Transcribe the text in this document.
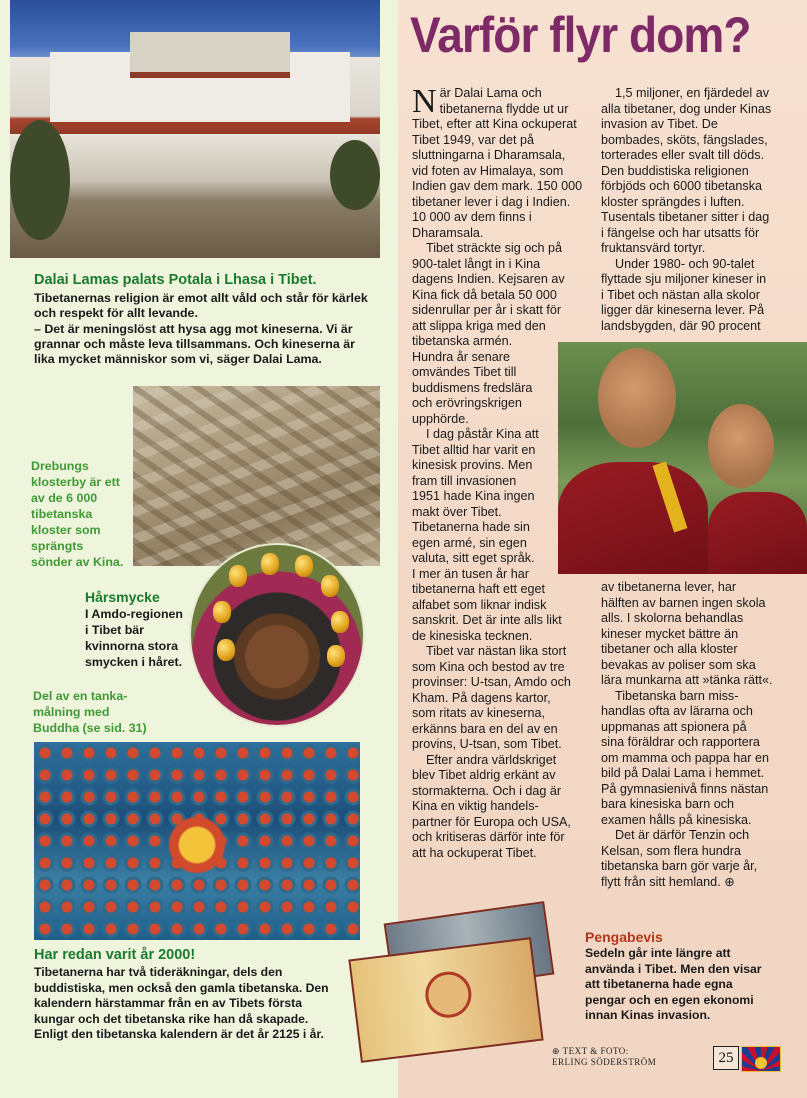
Varför flyr dom?
Dalai Lamas palats Potala i Lhasa i Tibet.
Tibetanernas religion är emot allt våld och står för kärlek
och respekt för allt levande.
– Det är meningslöst att hysa agg mot kineserna. Vi är
grannar och måste leva tillsammans. Och kineserna är
lika mycket människor som vi, säger Dalai Lama.
Drebungs
klosterby är ett
av de 6 000
tibetanska
kloster som
sprängts
sönder av Kina.
Hårsmycke
I Amdo-regionen
i Tibet bär
kvinnorna stora
smycken i håret.
Del av en tanka-
målning med
Buddha (se sid. 31)
Har redan varit år 2000!
Tibetanerna har två tideräkningar, dels den
buddistiska, men också den gamla tibetanska. Den
kalendern härstammar från en av Tibets första
kungar och det tibetanska rike han då skapade.
Enligt den tibetanska kalendern är det år 2125 i år.

När Dalai Lama och
tibetanerna flydde ut ur
Tibet, efter att Kina ockuperat
Tibet 1949, var det på
sluttningarna i Dharamsala,
vid foten av Himalaya, som
Indien gav dem mark. 150 000
tibetaner lever i dag i Indien.
10 000 av dem finns i
Dharamsala.

Tibet sträckte sig och på
900-talet långt in i Kina
dagens Indien. Kejsaren av
Kina fick då betala 50 000
sidenrullar per år i skatt för
att slippa kriga med den
tibetanska armén.
Hundra år senare
omvändes Tibet till
buddismens fredslära
och erövringskrigen
upphörde.

I dag påstår Kina att
Tibet alltid har varit en
kinesisk provins. Men
fram till invasionen
1951 hade Kina ingen
makt över Tibet.
Tibetanerna hade sin
egen armé, sin egen
valuta, sitt eget språk.
I mer än tusen år har
tibetanerna haft ett eget
alfabet som liknar indisk
sanskrit. Det är inte alls likt
de kinesiska tecknen.

Tibet var nästan lika stort
som Kina och bestod av tre
provinser: U-tsan, Amdo och
Kham. På dagens kartor,
som ritats av kineserna,
erkänns bara en del av en
provins, U-tsan, som Tibet.

Efter andra världskriget
blev Tibet aldrig erkänt av
stormakterna. Och i dag är
Kina en viktig handels-
partner för Europa och USA,
och kritiseras därför inte för
att ha ockuperat Tibet.

1,5 miljoner, en fjärdedel av
alla tibetaner, dog under Kinas
invasion av Tibet. De
bombades, sköts, fängslades,
torterades eller svalt till döds.
Den buddistiska religionen
förbjöds och 6000 tibetanska
kloster sprängdes i luften.
Tusentals tibetaner sitter i dag
i fängelse och har utsatts för
fruktansvärd tortyr.

Under 1980- och 90-talet
flyttade sju miljoner kineser in
i Tibet och nästan alla skolor
ligger där kineserna lever. På
landsbygden, där 90 procent

av tibetanerna lever, har
hälften av barnen ingen skola
alls. I skolorna behandlas
kineser mycket bättre än
tibetaner och alla kloster
bevakas av poliser som ska
lära munkarna att »tänka rätt«.

Tibetanska barn miss-
handlas ofta av lärarna och
uppmanas att spionera på
sina föräldrar och rapportera
om mamma och pappa har en
bild på Dalai Lama i hemmet.
På gymnasienivå finns nästan
bara kinesiska barn och
examen hålls på kinesiska.

Det är därför Tenzin och
Kelsan, som flera hundra
tibetanska barn gör varje år,
flytt från sitt hemland. ⊕

Pengabevis
Sedeln går inte längre att
använda i Tibet. Men den visar
att tibetanerna hade egna
pengar och en egen ekonomi
innan Kinas invasion.
⊕ TEXT & FOTO:
ERLING SÖDERSTRÖM	25
